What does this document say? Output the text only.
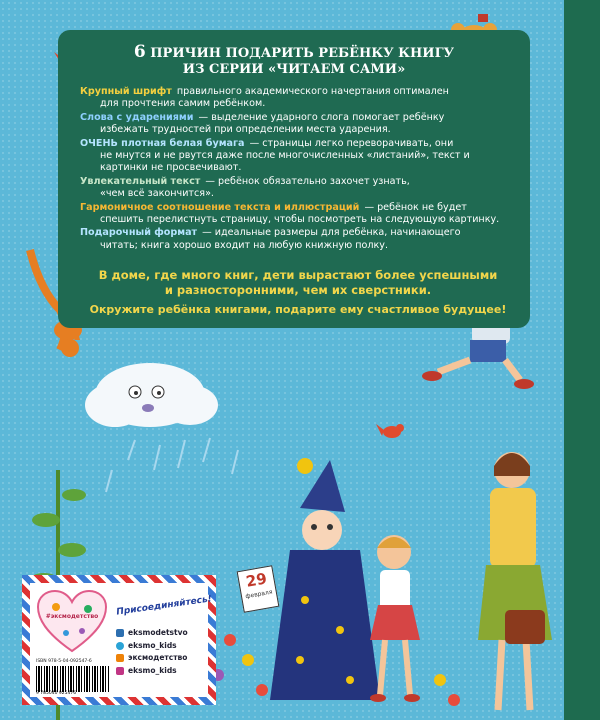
6 ПРИЧИН ПОДАРИТЬ РЕБЁНКУ КНИГУ
ИЗ СЕРИИ «ЧИТАЕМ САМИ»
Крупный шрифт правильного академического начертания оптимален
для прочтения самим ребёнком.
Слова с ударениями — выделение ударного слога помогает ребёнку
избежать трудностей при определении места ударения.
ОЧЕНЬ плотная белая бумага — страницы легко переворачивать, они
не мнутся и не рвутся даже после многочисленных «листаний», текст и картинки не просвечивают.
Увлекательный текст — ребёнок обязательно захочет узнать,
«чем всё закончится».
Гармоничное соотношение текста и иллюстраций — ребёнок не будет
спешить перелистнуть страницу, чтобы посмотреть на следующую картинку.
Подарочный формат — идеальные размеры для ребёнка, начинающего
читать; книга хорошо входит на любую книжную полку.
В доме, где много книг, дети вырастают более успешными
и разносторонними, чем их сверстники.
Окружите ребёнка книгами, подарите ему счастливое будущее!
29
февраля
#эксмодетство	Присоединяйтесь!
eksmodetstvo
eksmo_kids
эксмодетство
eksmo_kids
ISBN 978-5-04-092547-6
9 785040 925476
